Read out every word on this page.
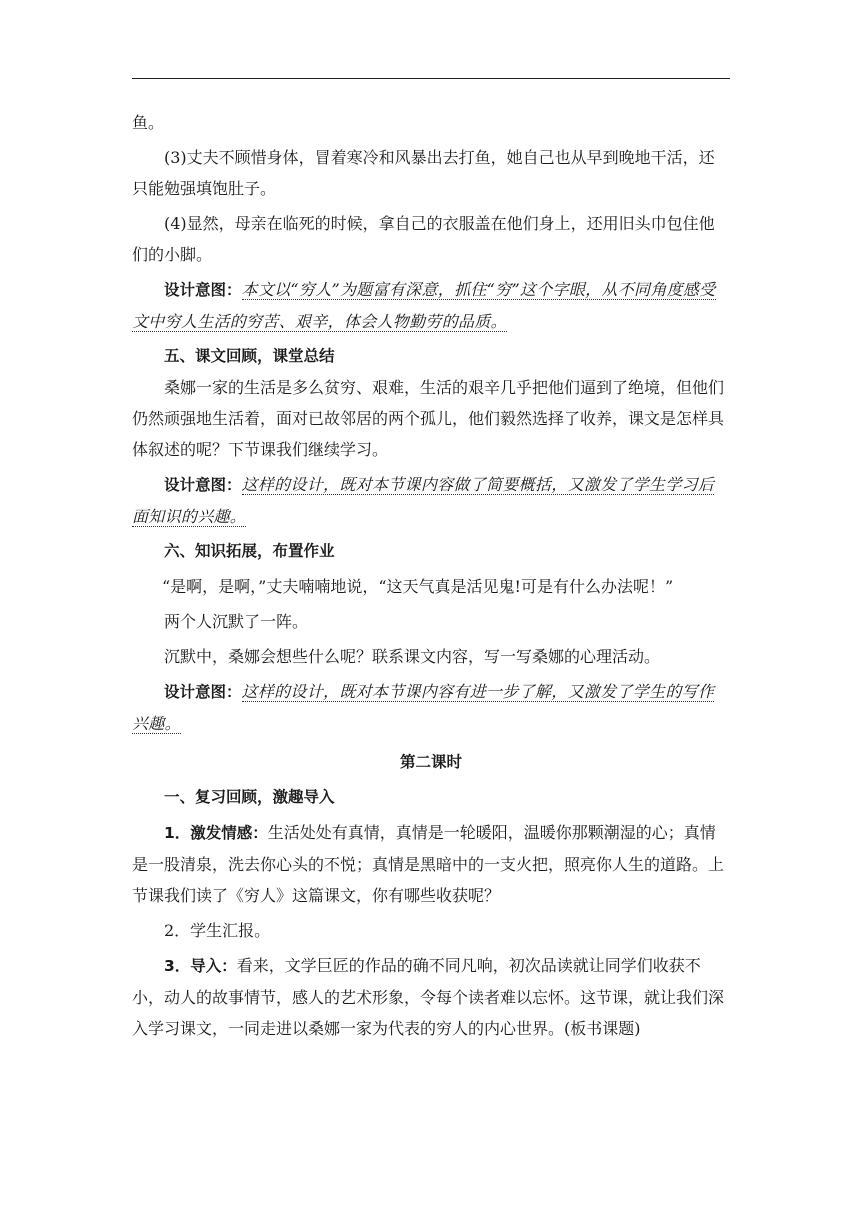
鱼。

(3)丈夫不顾惜身体，冒着寒冷和风暴出去打鱼，她自己也从早到晚地干活，还只能勉强填饱肚子。

(4)显然，母亲在临死的时候，拿自己的衣服盖在他们身上，还用旧头巾包住他们的小脚。

设计意图：本文以“穷人”为题富有深意，抓住“穷”这个字眼，从不同角度感受文中穷人生活的穷苦、艰辛，体会人物勤劳的品质。

五、课文回顾，课堂总结

桑娜一家的生活是多么贫穷、艰难，生活的艰辛几乎把他们逼到了绝境，但他们仍然顽强地生活着，面对已故邻居的两个孤儿，他们毅然选择了收养，课文是怎样具体叙述的呢？下节课我们继续学习。

设计意图：这样的设计，既对本节课内容做了简要概括，又激发了学生学习后面知识的兴趣。

六、知识拓展，布置作业

“是啊，是啊，”丈夫喃喃地说，“这天气真是活见鬼!可是有什么办法呢！”

两个人沉默了一阵。

沉默中，桑娜会想些什么呢？联系课文内容，写一写桑娜的心理活动。

设计意图：这样的设计，既对本节课内容有进一步了解，又激发了学生的写作兴趣。

第二课时
一、复习回顾，激趣导入

1．激发情感：生活处处有真情，真情是一轮暖阳，温暖你那颗潮湿的心；真情是一股清泉，洗去你心头的不悦；真情是黑暗中的一支火把，照亮你人生的道路。上节课我们读了《穷人》这篇课文，你有哪些收获呢？

2．学生汇报。

3．导入：看来，文学巨匠的作品的确不同凡响，初次品读就让同学们收获不小，动人的故事情节，感人的艺术形象，令每个读者难以忘怀。这节课，就让我们深入学习课文，一同走进以桑娜一家为代表的穷人的内心世界。(板书课题)
